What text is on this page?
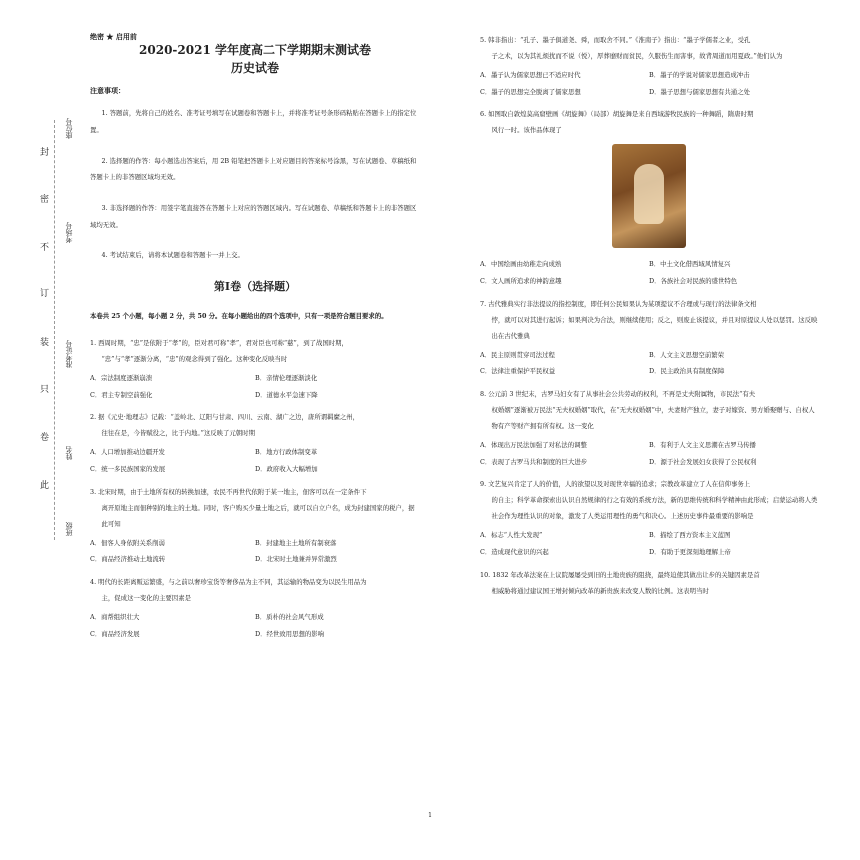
封
密
不
订
装
只
卷
此
座位号
考场号
准考证号
姓名
班级
绝密 ★ 启用前

2020-2021 学年度高二下学期期末测试卷

历史试卷

注意事项：

1. 答题前，先将自己的姓名、准考证号填写在试题卷和答题卡上，并将准考证号条形码粘贴在答题卡上的指定位置。

2. 选择题的作答：每小题选出答案后，用 2B 铅笔把答题卡上对应题目的答案标号涂黑，写在试题卷、草稿纸和答题卡上的非答题区域均无效。

3. 非选择题的作答：用签字笔直接答在答题卡上对应的答题区域内。写在试题卷、草稿纸和答题卡上的非答题区域均无效。

4. 考试结束后，请将本试题卷和答题卡一并上交。

第Ⅰ卷（选择题）

本卷共 25 个小题，每小题 2 分，共 50 分。在每小题给出的四个选项中，只有一项是符合题目要求的。

1. 西周时期，“忠”是依附于“孝”的，臣对君可称“孝”，君对臣也可称“慈”，到了战国时期，
“忠”与“孝”逐渐分离，“忠”的观念得到了强化。这种变化反映当时

A．宗法制度逐渐崩溃	B．亲情伦理逐渐淡化
C．君主专制空前强化	D．道德水平急速下降

2. 据《元史·地理志》记载：“盖岭北、辽阳与甘肃、四川、云南、湖广之边，唐所谓羁縻之州，
往往在是，今皆赋役之，比于内地。”这反映了元朝时期

A．人口增加推动边疆开发	B．地方行政体制变革
C．统一多民族国家的发展	D．政府收入大幅增加

3. 北宋时期，由于土地所有权的转换加速，农民不再世代依附于某一地主，佃客可以在一定条件下
离开原地主而佃种别的地主的土地。同时，客户购买少量土地之后，就可以自立户名，成为封建国家的税户，据此可知

A．佃客人身依附关系削弱	B．封建地主土地所有制衰落
C．商品经济推动土地流转	D．北宋时土地兼并异常激烈

4. 明代的长距离贩运繁盛，与之前以奢珍宝货等奢侈品为主不同，其运输的物品变为以民生用品为
主，促成这一变化的主要因素是

A．商帮组织壮大	B．质朴的社会风气形成
C．商品经济发展	D．经世致用思想的影响

5. 韩非指出：“孔子、墨子俱道尧、舜，而取舍不同。”《淮南子》指出：“墨子学儒者之业，受孔
子之术，以为其礼烦扰而不说（悦），厚葬靡财而贫民，久服伤生而害事，故背周道而用夏政。”他们认为

A．墨子认为儒家思想已不适应时代	B．墨子的学说对儒家思想造成冲击
C．墨子的思想完全脱离了儒家思想	D．墨子思想与儒家思想有共通之处

6. 如图取自敦煌莫高窟壁画《胡旋舞》（局部）胡旋舞是来自西域游牧民族的一种舞蹈，隋唐时期
风行一时。该作品体现了

A．中国绘画由幼稚走向成熟	B．中土文化借西域风情复兴
C．文人画所追求的神韵意趣	D．各族社会对民族的盛世特色

7. 古代雅典实行非法提议的指控制度，即任何公民如果认为某项提议不合理或与现行的法律条文相
悖，就可以对其进行起诉；如果判决为合法，则继续使用；反之，则废止该提议，并且对原提议人处以惩罚。这反映出在古代雅典

A．民主原则贯穿司法过程	B．人文主义思想空前繁荣
C．法律注重保护平民权益	D．民主政治具有制度保障

8. 公元前 3 世纪末，古罗马妇女有了从事社会公共劳动的权利，不再是丈夫附属物，市民法“有夫
权婚姻”逐渐被万民法“无夫权婚姻”取代，在“无夫权婚姻”中，夫妻财产独立，妻子对嫁资、男方婚娶赠与、自权人物有产等财产拥有所有权。这一变化

A．体现出万民法加强了对私法的调整	B．有利于人文主义思潮在古罗马传播
C．表现了古罗马共和制度的巨大进步	D．源于社会发展妇女获得了公民权利

9. 文艺复兴肯定了人的价值，人的欲望以及对现世幸福的追求；宗教改革建立了人在信仰事务上
的自主；科学革命探索出认识自然规律的行之有效的系统方法，新的思维传统和科学精神由此形成；启蒙运动将人类社会作为理性认识的对象，激发了人类运用理性的勇气和决心。上述历史事件最重要的影响是

A．标志“人性大发现”	B．描绘了西方资本主义蓝图
C．造成现代意识的兴起	D．有助于更深刻地理解上帝

10. 1832 年改革法案在上议院屡屡受到旧的土地贵族的阻挠，最终迫使其做出让步的关键因素是首
相威胁将通过建议国王增封倾向改革的新贵族来改变人数的比例。这表明当时

1
